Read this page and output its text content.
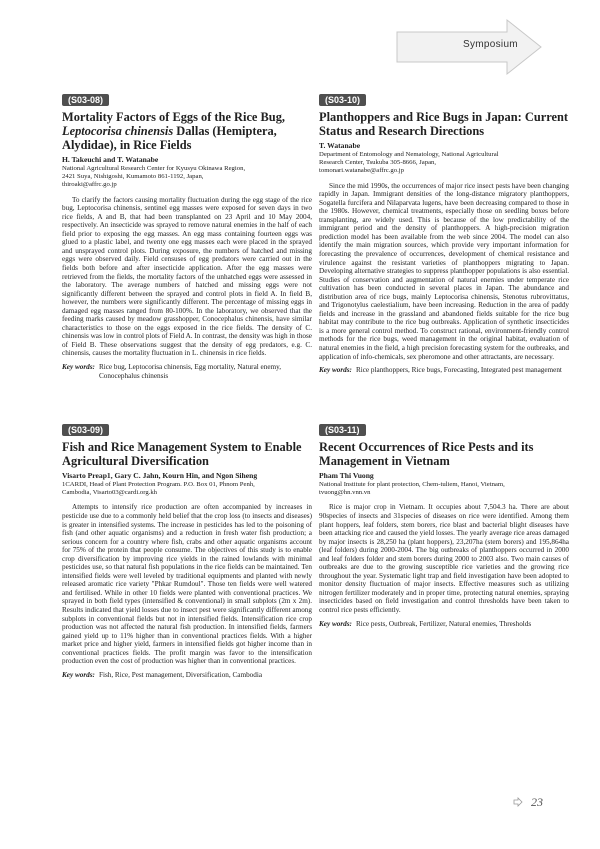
Symposium
(S03-08)
Mortality Factors of Eggs of the Rice Bug, Leptocorisa chinensis Dallas (Hemiptera, Alydidae), in Rice Fields
H. Takeuchi and T. Watanabe
National Agricultural Research Center for Kyusyu Okinawa Region,
2421 Suya, Nishigoshi, Kumamoto 861-1192, Japan,
thiroaki@affrc.go.jp

To clarify the factors causing mortality fluctuation during the egg stage of the rice bug, Leptocorisa chinensis, sentinel egg masses were exposed for seven days in two rice fields, A and B, that had been transplanted on 23 April and 10 May 2004, respectively. An insecticide was sprayed to remove natural enemies in the half of each field prior to exposing the egg masses. An egg mass containing fourteen eggs was glued to a plastic label, and twenty one egg masses each were placed in the sprayed and unsprayed control plots. During exposure, the numbers of hatched and missing eggs were observed daily. Field censuses of egg predators were carried out in the fields both before and after insecticide application. After the egg masses were retrieved from the fields, the mortality factors of the unhatched eggs were assessed in the laboratory. The average numbers of hatched and missing eggs were not significantly different between the sprayed and control plots in field A. In field B, however, the numbers were significantly different. The percentage of missing eggs in damaged egg masses ranged from 80-100%. In the laboratory, we observed that the feeding marks caused by meadow grasshopper, Conocephalus chinensis, have similar characteristics to those on the eggs exposed in the rice fields. The density of C. chinensis was low in control plots of Field A. In contrast, the density was high in those of Field B. These observations suggest that the density of egg predators, e.g. C. chinensis, causes the mortality fluctuation in L. chinensis in rice fields.

Key words: Rice bug, Leptocorisa chinensis, Egg mortality, Natural enemy, Conocephalus chinensis
(S03-10)
Planthoppers and Rice Bugs in Japan: Current Status and Research Directions
T. Watanabe
Department of Entomology and Nematology, National Agricultural
Research Center, Tsukuba 305-8666, Japan,
tomonari.watanabe@affrc.go.jp

Since the mid 1990s, the occurrences of major rice insect pests have been changing rapidly in Japan. Immigrant densities of the long-distance migratory planthoppers, Sogatella furcifera and Nilaparvata lugens, have been decreasing compared to those in the 1980s. However, chemical treatments, especially those on seedling boxes before transplanting, are widely used. This is because of the low predictability of the immigrant period and the density of planthoppers. A high-precision migration prediction model has been available from the web since 2004. The model can also identify the main migration sources, which provide very important information for forecasting the prevalence of occurrences, development of chemical resistance and virulence against the resistant varieties of planthoppers migrating to Japan. Developing alternative strategies to suppress planthopper populations is also essential. Studies of conservation and augmentation of natural enemies under temperate rice cultivation has been conducted in several places in Japan. The abundance and distribution area of rice bugs, mainly Leptocorisa chinensis, Stenotus rubrovittatus, and Trigonotylus caelestialium, have been increasing. Reduction in the area of paddy fields and increase in the grassland and abandoned fields suitable for the rice bug habitat may contribute to the rice bug outbreaks. Application of synthetic insecticides is a more general control method. To construct rational, environment-friendly control methods for the rice bugs, weed management in the original habitat, evaluation of natural enemies in the field, a high precision forecasting system for the outbreaks, and application of info-chemicals, sex pheromone and other attractants, are necessary.

Key words: Rice planthoppers, Rice bugs, Forecasting, Integrated pest management
(S03-09)
Fish and Rice Management System to Enable Agricultural Diversification
Visarto Preap1, Gary C. Jahn, Kourn Hin, and Ngon Siheng
1CARDI, Head of Plant Protection Program. P.O. Box 01, Phnom Penh,
Cambodia, Visarto03@cardi.org.kh

Attempts to intensify rice production are often accompanied by increases in pesticide use due to a commonly held belief that the crop loss (to insects and diseases) is greater in intensified systems. The increase in pesticides has led to the poisoning of fish (and other aquatic organisms) and a reduction in fresh water fish production; a serious concern for a country where fish, crabs and other aquatic organisms account for 75% of the protein that people consume. The objectives of this study is to enable crop diversification by improving rice yields in the rained lowlands with minimal pesticides use, so that natural fish populations in the rice fields can be maintained. Ten intensified fields were well leveled by traditional equipments and planted with newly released aromatic rice variety "Phkar Rumdoul". Those ten fields were well watered and fertilised. While in other 10 fields were planted with conventional practices. We sprayed in both field types (intensified & conventional) in small subplots (2m x 2m). Results indicated that yield losses due to insect pest were significantly different among subplots in conventional fields but not in intensified fields. Intensification rice crop production was not affected the natural fish production. In intensified fields, farmers gained yield up to 11% higher than in conventional practices fields. With a higher market price and higher yield, farmers in intensified fields got higher income than in conventional practices fields. The profit margin was favor to the intensification production even the cost of production was higher than in conventional practices.

Key words: Fish, Rice, Pest management, Diversification, Cambodia
(S03-11)
Recent Occurrences of Rice Pests and its Management in Vietnam
Pham Thi Vuong
National Institute for plant protection, Chem-tuliem, Hanoi, Vietnam,
tvuong@hn.vnn.vn

Rice is major crop in Vietnam. It occupies about 7,504.3 ha. There are about 90species of insects and 31species of diseases on rice were identified. Among them plant hoppers, leaf folders, stem borers, rice blast and bacterial blight diseases have been attacking rice and caused the yield losses. The yearly average rice areas damaged by major insects is 28,250 ha (plant hoppers), 23,207ha (stem borers) and 195,864ha (leaf folders) during 2000-2004. The big outbreaks of planthoppers occurred in 2000 and leaf folders folder and stem borers during 2000 to 2003 also. Two main causes of outbreaks are due to the growing susceptible rice varieties and the growing rice throughout the year. Systematic light trap and field investigation have been adopted to monitor density fluctuation of major insects. Effective measures such as utilizing nitrogen fertilizer moderately and in proper time, protecting natural enemies, spraying insecticides based on field investigation and control thresholds have been taken to control rice pests efficiently.

Key words: Rice pests, Outbreak, Fertilizer, Natural enemies, Thresholds
23
